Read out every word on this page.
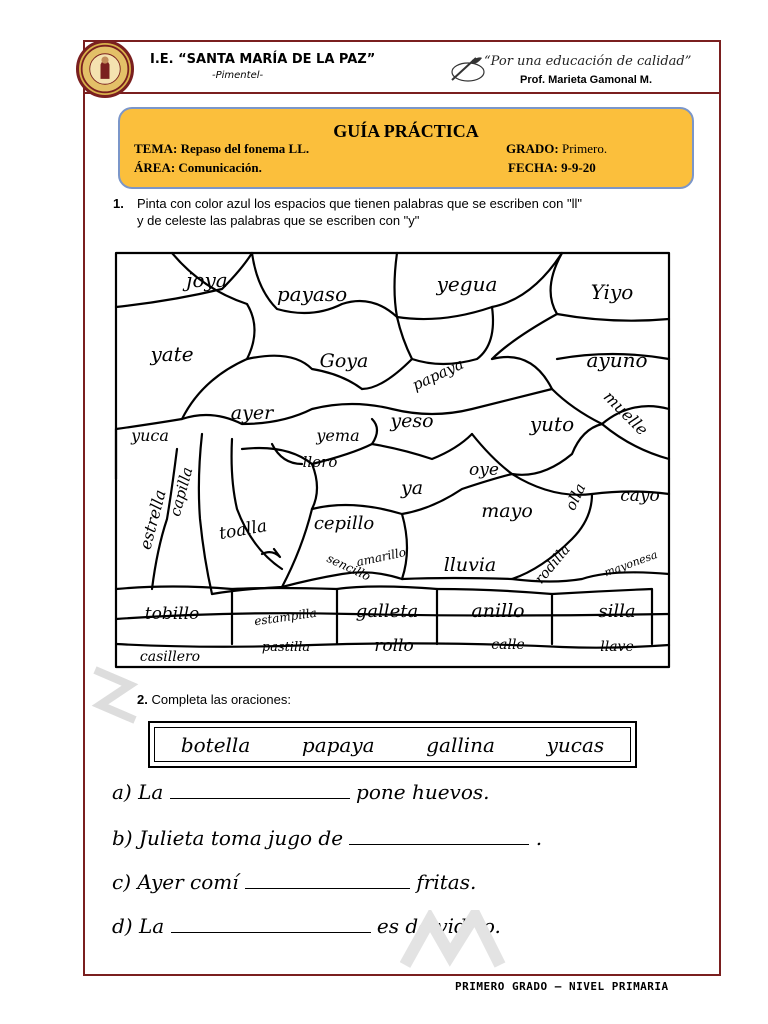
I.E. “SANTA MARÍA DE LA PAZ”
-Pimentel-
“Por una educación de calidad”
Prof. Marieta Gamonal M.
GUÍA PRÁCTICA
TEMA: Repaso del fonema LL.
ÁREA: Comunicación.
GRADO: Primero.
FECHA: 9-9-20
1.	Pinta con color azul los espacios que tienen palabras que se escriben con "ll"
y de celeste las palabras que se escriben con "y"
joya
payaso	yegua	Yiyo
yate	Goya	papaya	ayuno
ayer	yeso	yuto muelle
yuca	yema
lloro	oye
ya
mayo olla cayo
estrella
capilla
toalla	cepillo
amarillo
sencillo	lluvia	rodilla	mayonesa
tobillo	estampilla galleta	anillo	silla
casillero
pastilla	rollo	calle	llave
2. Completa las oraciones:
botella	papaya	gallina	yucas
a) La	pone huevos.
b) Julieta toma jugo de	.
c) Ayer comí	fritas.
d) La	es de vidrio.
PRIMERO GRADO – NIVEL PRIMARIA
